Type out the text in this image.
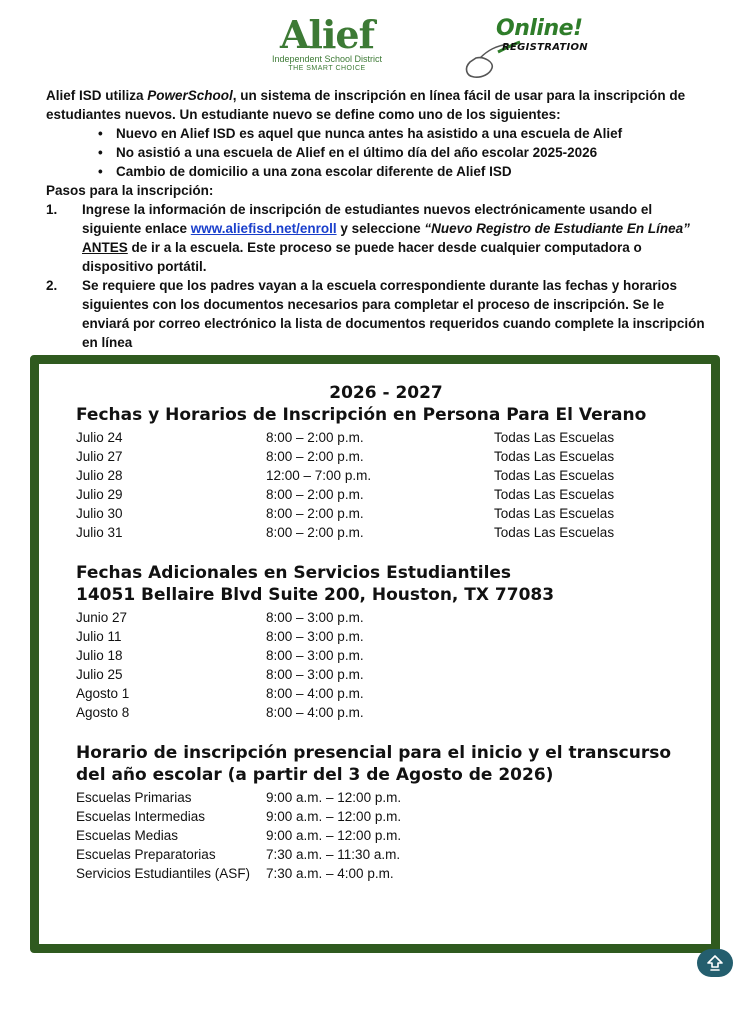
Alief
Independent School District
THE SMART CHOICE
Online!
REGISTRATION

Alief ISD utiliza PowerSchool, un sistema de inscripción en línea fácil de usar para la inscripción de estudiantes nuevos. Un estudiante nuevo se define como uno de los siguientes:

• Nuevo en Alief ISD es aquel que nunca antes ha asistido a una escuela de Alief
• No asistió a una escuela de Alief en el último día del año escolar 2025-2026
• Cambio de domicilio a una zona escolar diferente de Alief ISD

Pasos para la inscripción:

1. Ingrese la información de inscripción de estudiantes nuevos electrónicamente usando el siguiente enlace www.aliefisd.net/enroll y seleccione “Nuevo Registro de Estudiante En Línea” ANTES de ir a la escuela. Este proceso se puede hacer desde cualquier computadora o dispositivo portátil.
2. Se requiere que los padres vayan a la escuela correspondiente durante las fechas y horarios siguientes con los documentos necesarios para completar el proceso de inscripción. Se le enviará por correo electrónico la lista de documentos requeridos cuando complete la inscripción en línea
2026 - 2027
Fechas y Horarios de Inscripción en Persona Para El Verano
Julio 24	8:00 – 2:00 p.m.	Todas Las Escuelas
Julio 27	8:00 – 2:00 p.m.	Todas Las Escuelas
Julio 28	12:00 – 7:00 p.m.	Todas Las Escuelas
Julio 29	8:00 – 2:00 p.m.	Todas Las Escuelas
Julio 30	8:00 – 2:00 p.m.	Todas Las Escuelas
Julio 31	8:00 – 2:00 p.m.	Todas Las Escuelas
Fechas Adicionales en Servicios Estudiantiles
14051 Bellaire Blvd Suite 200, Houston, TX 77083
Junio 27	8:00 – 3:00 p.m.
Julio 11	8:00 – 3:00 p.m.
Julio 18	8:00 – 3:00 p.m.
Julio 25	8:00 – 3:00 p.m.
Agosto 1	8:00 – 4:00 p.m.
Agosto 8	8:00 – 4:00 p.m.
Horario de inscripción presencial para el inicio y el transcurso del año escolar (a partir del 3 de Agosto de 2026)
Escuelas Primarias	9:00 a.m. – 12:00 p.m.
Escuelas Intermedias	9:00 a.m. – 12:00 p.m.
Escuelas Medias	9:00 a.m. – 12:00 p.m.
Escuelas Preparatorias	7:30 a.m. – 11:30 a.m.
Servicios Estudiantiles (ASF) 7:30 a.m. – 4:00 p.m.
